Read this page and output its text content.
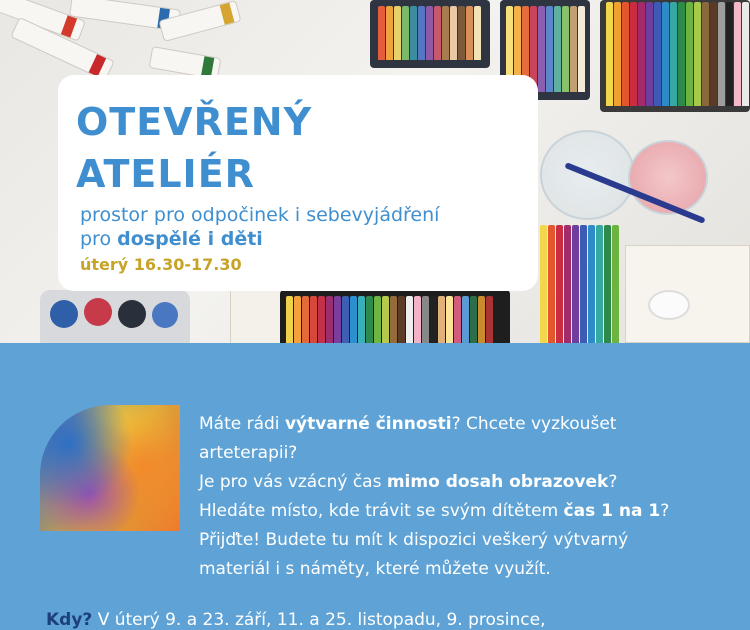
OTEVŘENÝ
ATELIÉR
prostor pro odpočinek i sebevyjádření
pro dospělé i děti
úterý 16.30-17.30

Máte rádi výtvarné činnosti? Chcete vyzkoušet

arteterapii?

Je pro vás vzácný čas mimo dosah obrazovek?

Hledáte místo, kde trávit se svým dítětem čas 1 na 1?

Přijďte! Budete tu mít k dispozici veškerý výtvarný

materiál i s náměty, které můžete využít.

Kdy? V úterý 9. a 23. září, 11. a 25. listopadu, 9. prosince,
